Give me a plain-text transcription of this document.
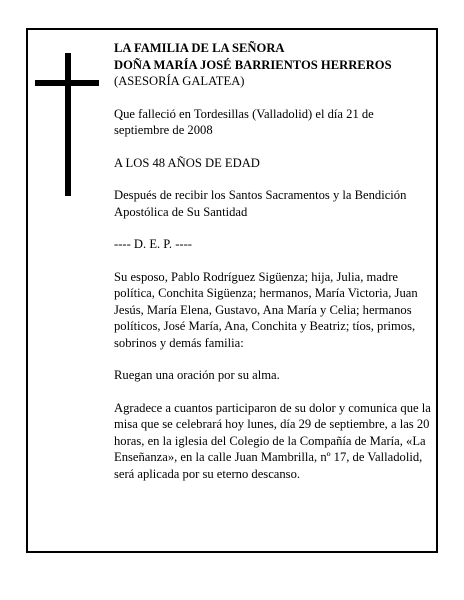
LA FAMILIA DE LA SEÑORA
DOÑA MARÍA JOSÉ BARRIENTOS HERREROS
(ASESORÍA GALATEA)

Que falleció en Tordesillas (Valladolid) el día 21 de septiembre de 2008

A LOS 48 AÑOS DE EDAD

Después de recibir los Santos Sacramentos y la Bendición Apostólica de Su Santidad

---- D. E. P. ----

Su esposo, Pablo Rodríguez Sigüenza; hija, Julia, madre política, Conchita Sigüenza; hermanos, María Victoria, Juan Jesús, María Elena, Gustavo, Ana María y Celia; hermanos políticos, José María, Ana, Conchita y Beatriz; tíos, primos, sobrinos y demás familia:

Ruegan una oración por su alma.

Agradece a cuantos participaron de su dolor y comunica que la misa que se celebrará hoy lunes, día 29 de septiembre, a las 20 horas, en la iglesia del Colegio de la Compañía de María, «La Enseñanza», en la calle Juan Mambrilla, nº 17, de Valladolid, será aplicada por su eterno descanso.
